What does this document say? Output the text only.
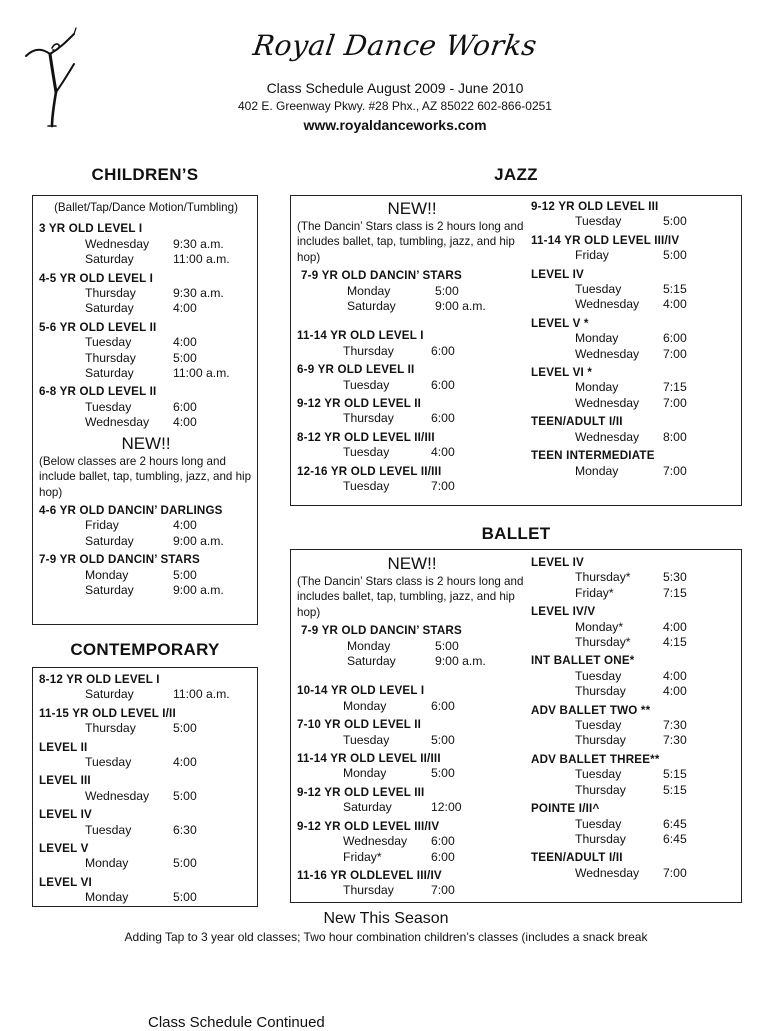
Royal Dance Works
Class Schedule August 2009 - June 2010
402 E. Greenway Pkwy. #28 Phx., AZ 85022 602-866-0251
www.royaldanceworks.com
CHILDREN’S	JAZZ
CONTEMPORARY
BALLET
(Ballet/Tap/Dance Motion/Tumbling)
3 YR OLD LEVEL I
Wednesday	9:30 a.m.
Saturday	11:00 a.m.
4-5 YR OLD LEVEL I
Thursday	9:30 a.m.
Saturday	4:00
5-6 YR OLD LEVEL II
Tuesday	4:00
Thursday	5:00
Saturday	11:00 a.m.
6-8 YR OLD LEVEL II
Tuesday	6:00
Wednesday	4:00
NEW!!
(Below classes are 2 hours long and include ballet, tap, tumbling, jazz, and hip hop)
4-6 YR OLD DANCIN’ DARLINGS
Friday	4:00
Saturday	9:00 a.m.
7-9 YR OLD DANCIN’ STARS
Monday	5:00
Saturday	9:00 a.m.
8-12 YR OLD LEVEL I
Saturday	11:00 a.m.
11-15 YR OLD LEVEL I/II
Thursday	5:00
LEVEL II
Tuesday	4:00
LEVEL III
Wednesday	5:00
LEVEL IV
Tuesday	6:30
LEVEL V
Monday	5:00
LEVEL VI
Monday	5:00
NEW!!
(The Dancin’ Stars class is 2 hours long and includes ballet, tap, tumbling, jazz, and hip hop)
7-9 YR OLD DANCIN’ STARS
Monday	5:00
Saturday	9:00 a.m.
11-14 YR OLD LEVEL I
Thursday	6:00
6-9 YR OLD LEVEL II
Tuesday	6:00
9-12 YR OLD LEVEL II
Thursday	6:00
8-12 YR OLD LEVEL II/III
Tuesday	4:00
12-16 YR OLD LEVEL II/III
Tuesday	7:00
9-12 YR OLD LEVEL III
Tuesday	5:00
11-14 YR OLD LEVEL III/IV
Friday	5:00
LEVEL IV
Tuesday	5:15
Wednesday	4:00
LEVEL V *
Monday	6:00
Wednesday	7:00
LEVEL VI *
Monday	7:15
Wednesday	7:00
TEEN/ADULT I/II
Wednesday	8:00
TEEN INTERMEDIATE
Monday	7:00
NEW!!
(The Dancin’ Stars class is 2 hours long and includes ballet, tap, tumbling, jazz, and hip hop)
7-9 YR OLD DANCIN’ STARS
Monday	5:00
Saturday	9:00 a.m.
10-14 YR OLD LEVEL I
Monday	6:00
7-10 YR OLD LEVEL II
Tuesday	5:00
11-14 YR OLD LEVEL II/III
Monday	5:00
9-12 YR OLD LEVEL III
Saturday	12:00
9-12 YR OLD LEVEL III/IV
Wednesday	6:00
Friday*	6:00
11-16 YR OLDLEVEL III/IV
Thursday	7:00
LEVEL IV
Thursday*	5:30
Friday*	7:15
LEVEL IV/V
Monday*	4:00
Thursday*	4:15
INT BALLET ONE*
Tuesday	4:00
Thursday	4:00
ADV BALLET TWO **
Tuesday	7:30
Thursday	7:30
ADV BALLET THREE**
Tuesday	5:15
Thursday	5:15
POINTE I/II^
Tuesday	6:45
Thursday	6:45
TEEN/ADULT I/II
Wednesday	7:00
New This Season
Adding Tap to 3 year old classes; Two hour combination children’s classes (includes a snack break
Class Schedule Continued
